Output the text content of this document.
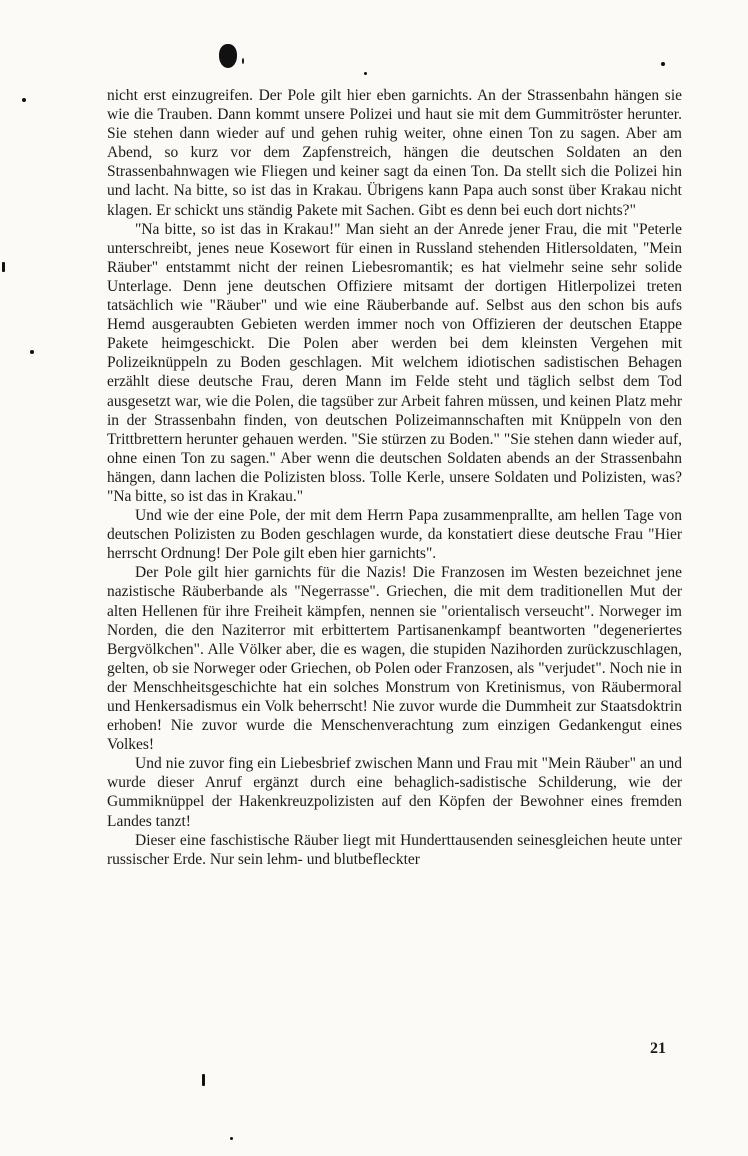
nicht erst einzugreifen. Der Pole gilt hier eben garnichts. An der Strassenbahn hängen sie wie die Trauben. Dann kommt unsere Polizei und haut sie mit dem Gummitröster herunter. Sie stehen dann wieder auf und gehen ruhig weiter, ohne einen Ton zu sagen. Aber am Abend, so kurz vor dem Zapfenstreich, hängen die deutschen Soldaten an den Strassenbahnwagen wie Fliegen und keiner sagt da einen Ton. Da stellt sich die Polizei hin und lacht. Na bitte, so ist das in Krakau. Übrigens kann Papa auch sonst über Krakau nicht klagen. Er schickt uns ständig Pakete mit Sachen. Gibt es denn bei euch dort nichts?"

"Na bitte, so ist das in Krakau!" Man sieht an der Anrede jener Frau, die mit "Peterle unterschreibt, jenes neue Kosewort für einen in Russland stehenden Hitlersoldaten, "Mein Räuber" entstammt nicht der reinen Liebesromantik; es hat vielmehr seine sehr solide Unterlage. Denn jene deutschen Offiziere mitsamt der dortigen Hitlerpolizei treten tatsächlich wie "Räuber" und wie eine Räuberbande auf. Selbst aus den schon bis aufs Hemd ausgeraubten Gebieten werden immer noch von Offizieren der deutschen Etappe Pakete heimgeschickt. Die Polen aber werden bei dem kleinsten Vergehen mit Polizeiknüppeln zu Boden geschlagen. Mit welchem idiotischen sadistischen Behagen erzählt diese deutsche Frau, deren Mann im Felde steht und täglich selbst dem Tod ausgesetzt war, wie die Polen, die tagsüber zur Arbeit fahren müssen, und keinen Platz mehr in der Strassenbahn finden, von deutschen Polizeimannschaften mit Knüppeln von den Trittbrettern herunter gehauen werden. "Sie stürzen zu Boden." "Sie stehen dann wieder auf, ohne einen Ton zu sagen." Aber wenn die deutschen Soldaten abends an der Strassenbahn hängen, dann lachen die Polizisten bloss. Tolle Kerle, unsere Soldaten und Polizisten, was? "Na bitte, so ist das in Krakau."

Und wie der eine Pole, der mit dem Herrn Papa zusammenprallte, am hellen Tage von deutschen Polizisten zu Boden geschlagen wurde, da konstatiert diese deutsche Frau "Hier herrscht Ordnung! Der Pole gilt eben hier garnichts".

Der Pole gilt hier garnichts für die Nazis! Die Franzosen im Westen bezeichnet jene nazistische Räuberbande als "Negerrasse". Griechen, die mit dem traditionellen Mut der alten Hellenen für ihre Freiheit kämpfen, nennen sie "orientalisch verseucht". Norweger im Norden, die den Naziterror mit erbittertem Partisanenkampf beantworten "degeneriertes Bergvölkchen". Alle Völker aber, die es wagen, die stupiden Nazihorden zurückzuschlagen, gelten, ob sie Norweger oder Griechen, ob Polen oder Franzosen, als "verjudet". Noch nie in der Menschheitsgeschichte hat ein solches Monstrum von Kretinismus, von Räubermoral und Henkersadismus ein Volk beherrscht! Nie zuvor wurde die Dummheit zur Staatsdoktrin erhoben! Nie zuvor wurde die Menschenverachtung zum einzigen Gedankengut eines Volkes!

Und nie zuvor fing ein Liebesbrief zwischen Mann und Frau mit "Mein Räuber" an und wurde dieser Anruf ergänzt durch eine behaglich-sadistische Schilderung, wie der Gummiknüppel der Hakenkreuzpolizisten auf den Köpfen der Bewohner eines fremden Landes tanzt!

Dieser eine faschistische Räuber liegt mit Hunderttausenden seinesgleichen heute unter russischer Erde. Nur sein lehm- und blutbefleckter

21
